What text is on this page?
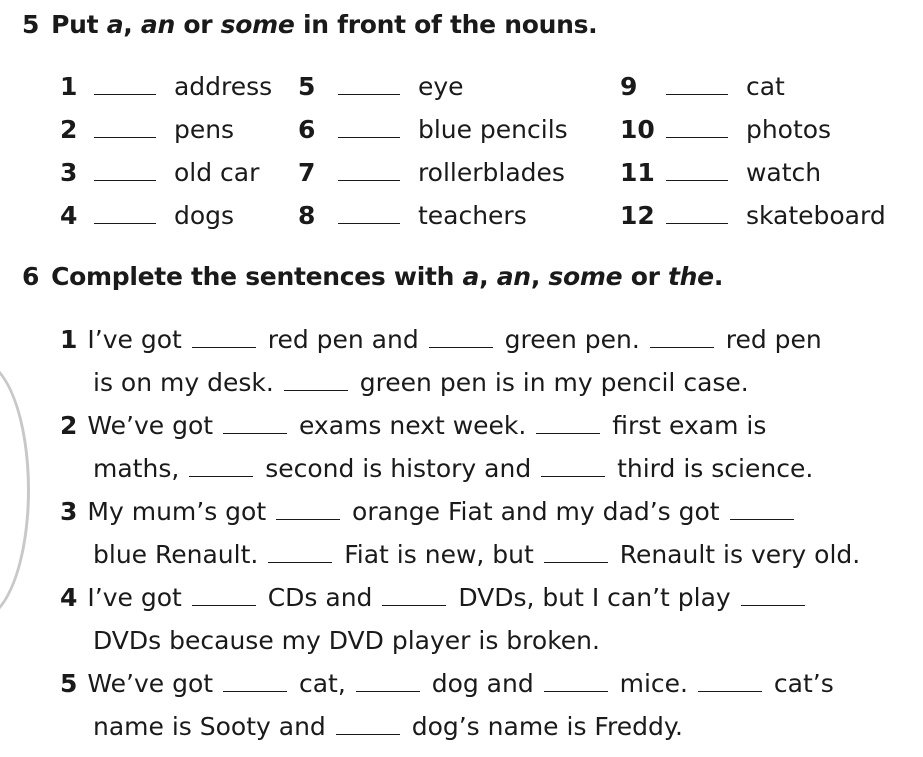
5 Put a, an or some in front of the nouns.
1	address 5	eye	9	cat
2	pens	6	blue pencils 10	photos
3	old car 7	rollerblades 11	watch
4	dogs	8	teachers	12	skateboard
6 Complete the sentences with a, an, some or the.
1 I’ve got	red pen and	green pen.	red pen
is on my desk.	green pen is in my pencil case.
2 We’ve got	exams next week.	first exam is
maths,	second is history and	third is science.
3 My mum’s got	orange Fiat and my dad’s got
blue Renault.	Fiat is new, but	Renault is very old.
4 I’ve got	CDs and	DVDs, but I can’t play
DVDs because my DVD player is broken.
5 We’ve got	cat,	dog and	mice.	cat’s
name is Sooty and	dog’s name is Freddy.
